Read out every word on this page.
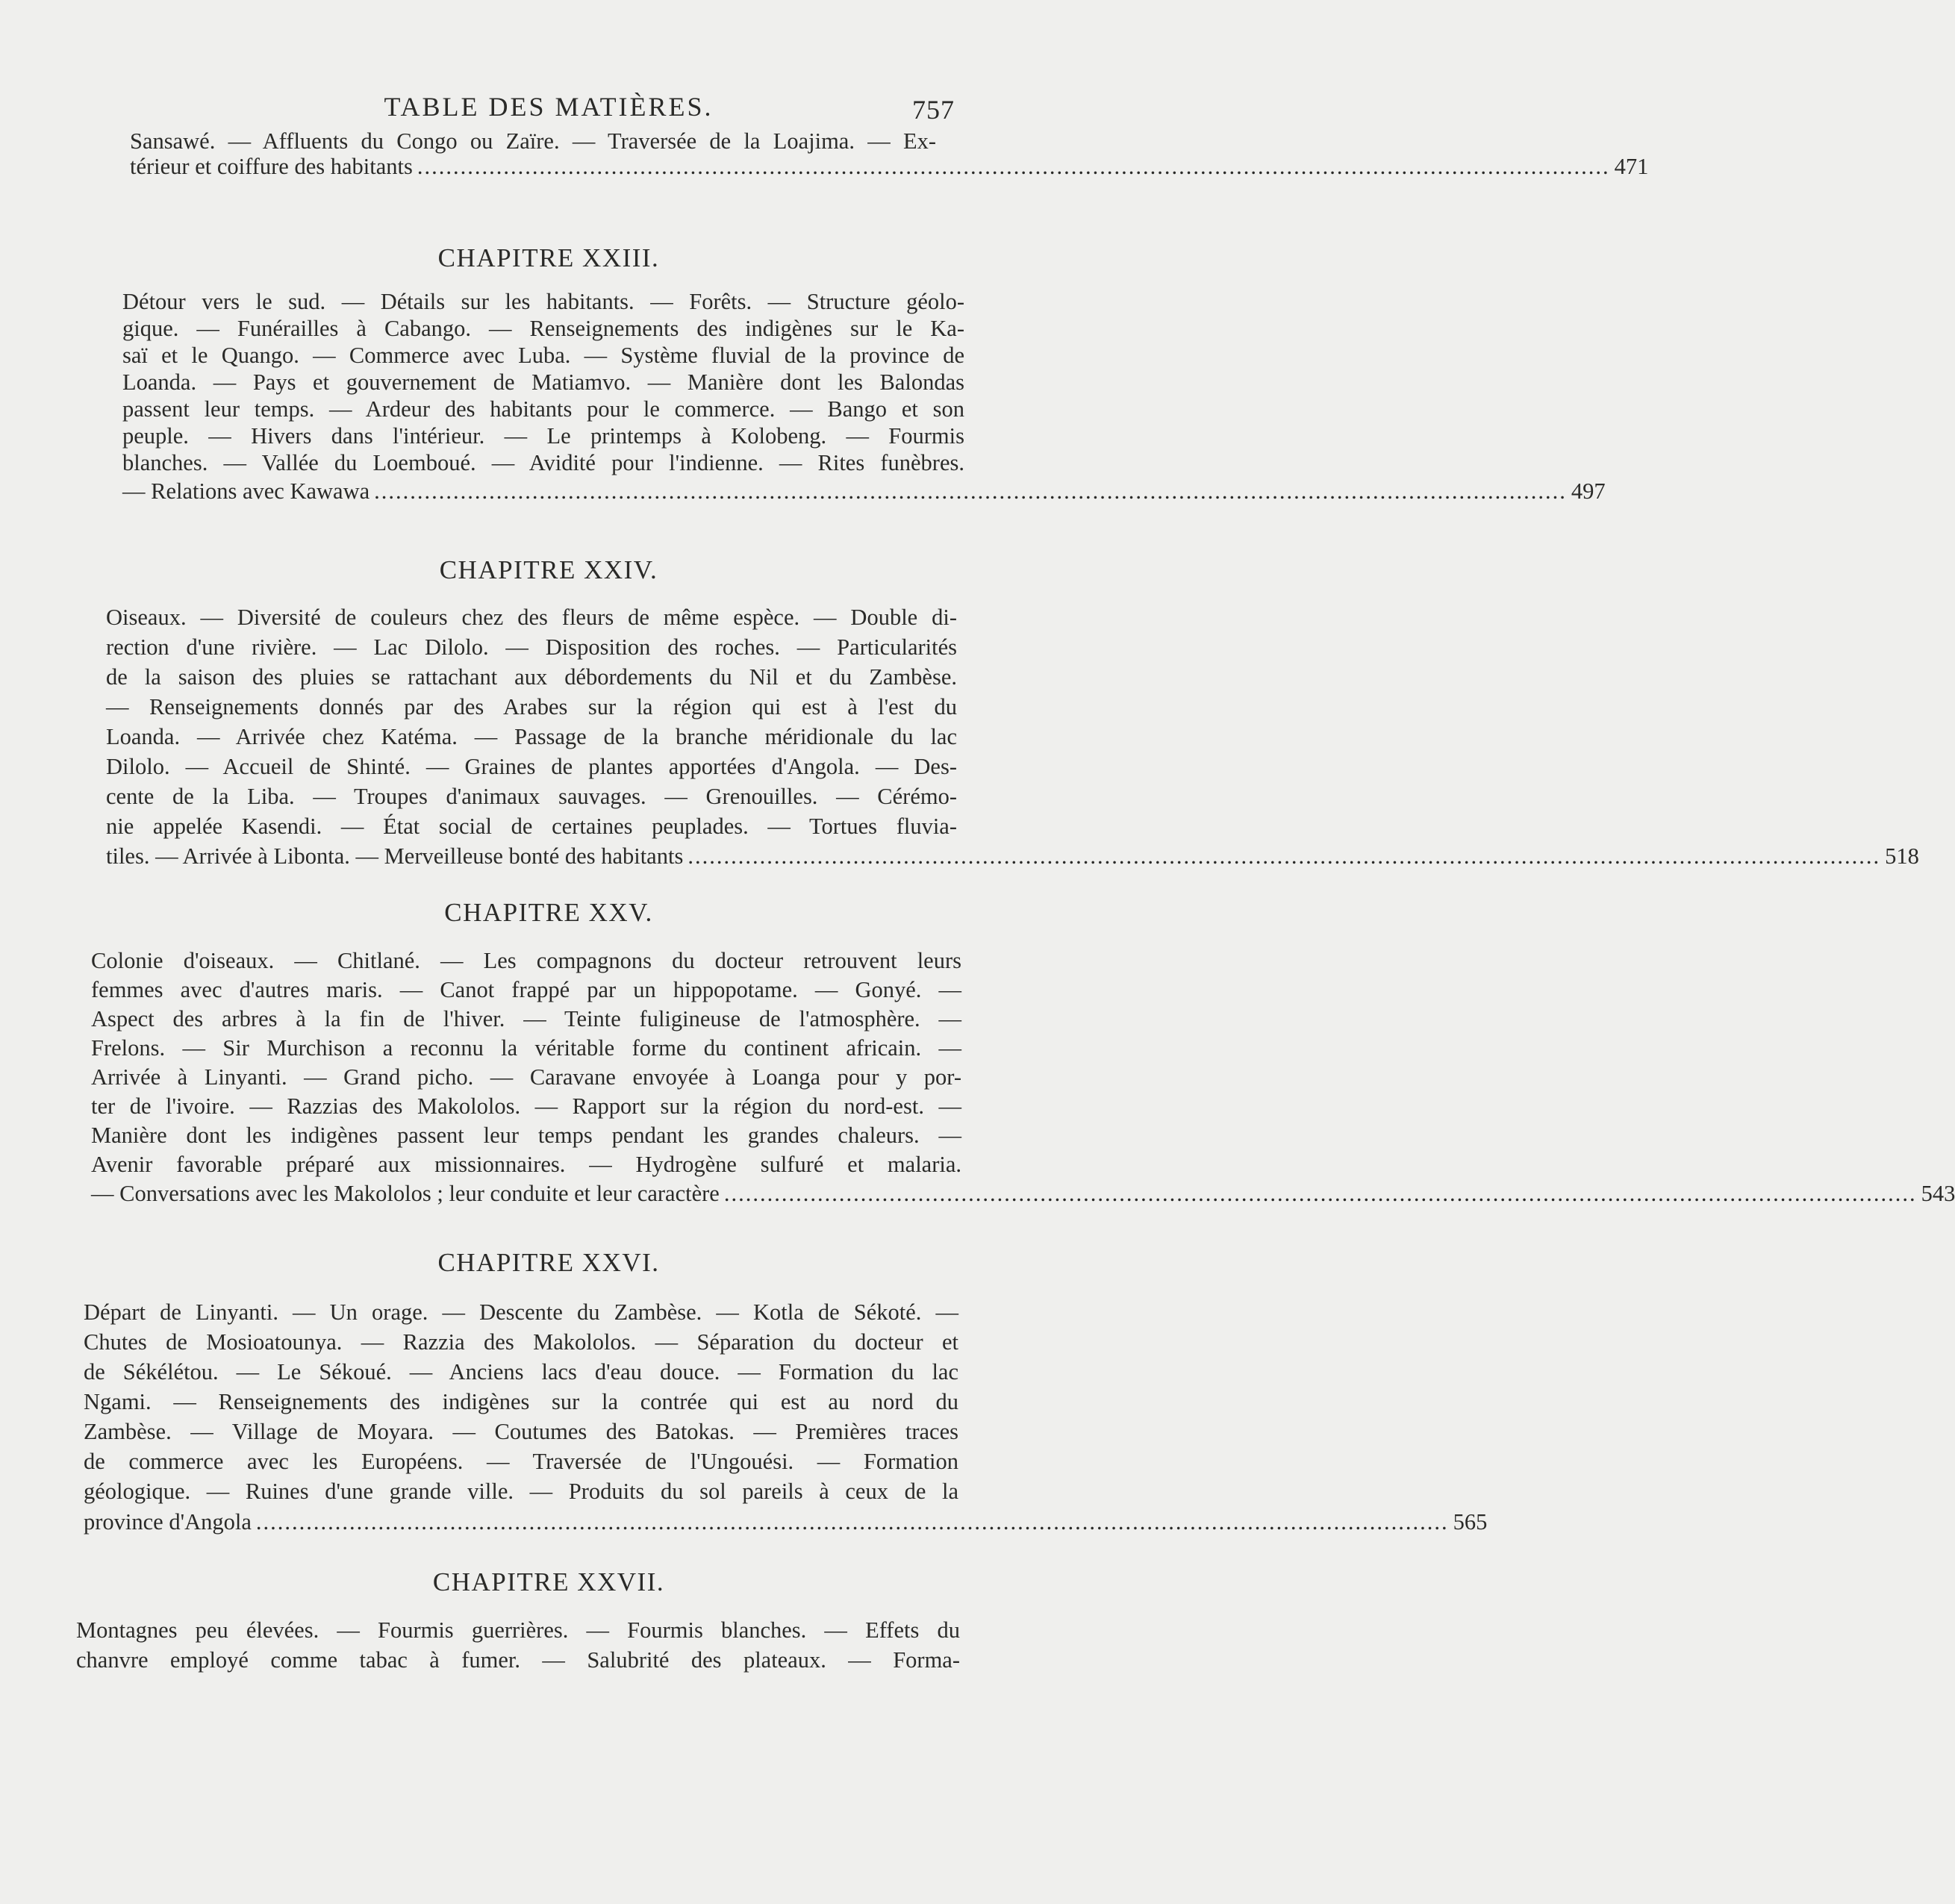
TABLE DES MATIÈRES.	757
Sansawé. — Affluents du Congo ou Zaïre. — Traversée de la Loajima. — Ex-
térieur et coiffure des habitants ...................................................................................................................................................................... 471
CHAPITRE XXIII.
Détour vers le sud. — Détails sur les habitants. — Forêts. — Structure géolo-
gique. — Funérailles à Cabango. — Renseignements des indigènes sur le Ka-
saï et le Quango. — Commerce avec Luba. — Système fluvial de la province de
Loanda. — Pays et gouvernement de Matiamvo. — Manière dont les Balondas
passent leur temps. — Ardeur des habitants pour le commerce. — Bango et son
peuple. — Hivers dans l'intérieur. — Le printemps à Kolobeng. — Fourmis
blanches. — Vallée du Loemboué. — Avidité pour l'indienne. — Rites funèbres.
— Relations avec Kawawa ...................................................................................................................................................................... 497
CHAPITRE XXIV.
Oiseaux. — Diversité de couleurs chez des fleurs de même espèce. — Double di-
rection d'une rivière. — Lac Dilolo. — Disposition des roches. — Particularités
de la saison des pluies se rattachant aux débordements du Nil et du Zambèse.
— Renseignements donnés par des Arabes sur la région qui est à l'est du
Loanda. — Arrivée chez Katéma. — Passage de la branche méridionale du lac
Dilolo. — Accueil de Shinté. — Graines de plantes apportées d'Angola. — Des-
cente de la Liba. — Troupes d'animaux sauvages. — Grenouilles. — Cérémo-
nie appelée Kasendi. — État social de certaines peuplades. — Tortues fluvia-
tiles. — Arrivée à Libonta. — Merveilleuse bonté des habitants ...................................................................................................................................................................... 518
CHAPITRE XXV.
Colonie d'oiseaux. — Chitlané. — Les compagnons du docteur retrouvent leurs
femmes avec d'autres maris. — Canot frappé par un hippopotame. — Gonyé. —
Aspect des arbres à la fin de l'hiver. — Teinte fuligineuse de l'atmosphère. —
Frelons. — Sir Murchison a reconnu la véritable forme du continent africain. —
Arrivée à Linyanti. — Grand picho. — Caravane envoyée à Loanga pour y por-
ter de l'ivoire. — Razzias des Makololos. — Rapport sur la région du nord-est. —
Manière dont les indigènes passent leur temps pendant les grandes chaleurs. —
Avenir favorable préparé aux missionnaires. — Hydrogène sulfuré et malaria.
— Conversations avec les Makololos ; leur conduite et leur caractère ...................................................................................................................................................................... 543
CHAPITRE XXVI.
Départ de Linyanti. — Un orage. — Descente du Zambèse. — Kotla de Sékoté. —
Chutes de Mosioatounya. — Razzia des Makololos. — Séparation du docteur et
de Sékélétou. — Le Sékoué. — Anciens lacs d'eau douce. — Formation du lac
Ngami. — Renseignements des indigènes sur la contrée qui est au nord du
Zambèse. — Village de Moyara. — Coutumes des Batokas. — Premières traces
de commerce avec les Européens. — Traversée de l'Ungouési. — Formation
géologique. — Ruines d'une grande ville. — Produits du sol pareils à ceux de la
province d'Angola ...................................................................................................................................................................... 565
CHAPITRE XXVII.
Montagnes peu élevées. — Fourmis guerrières. — Fourmis blanches. — Effets du
chanvre employé comme tabac à fumer. — Salubrité des plateaux. — Forma-
